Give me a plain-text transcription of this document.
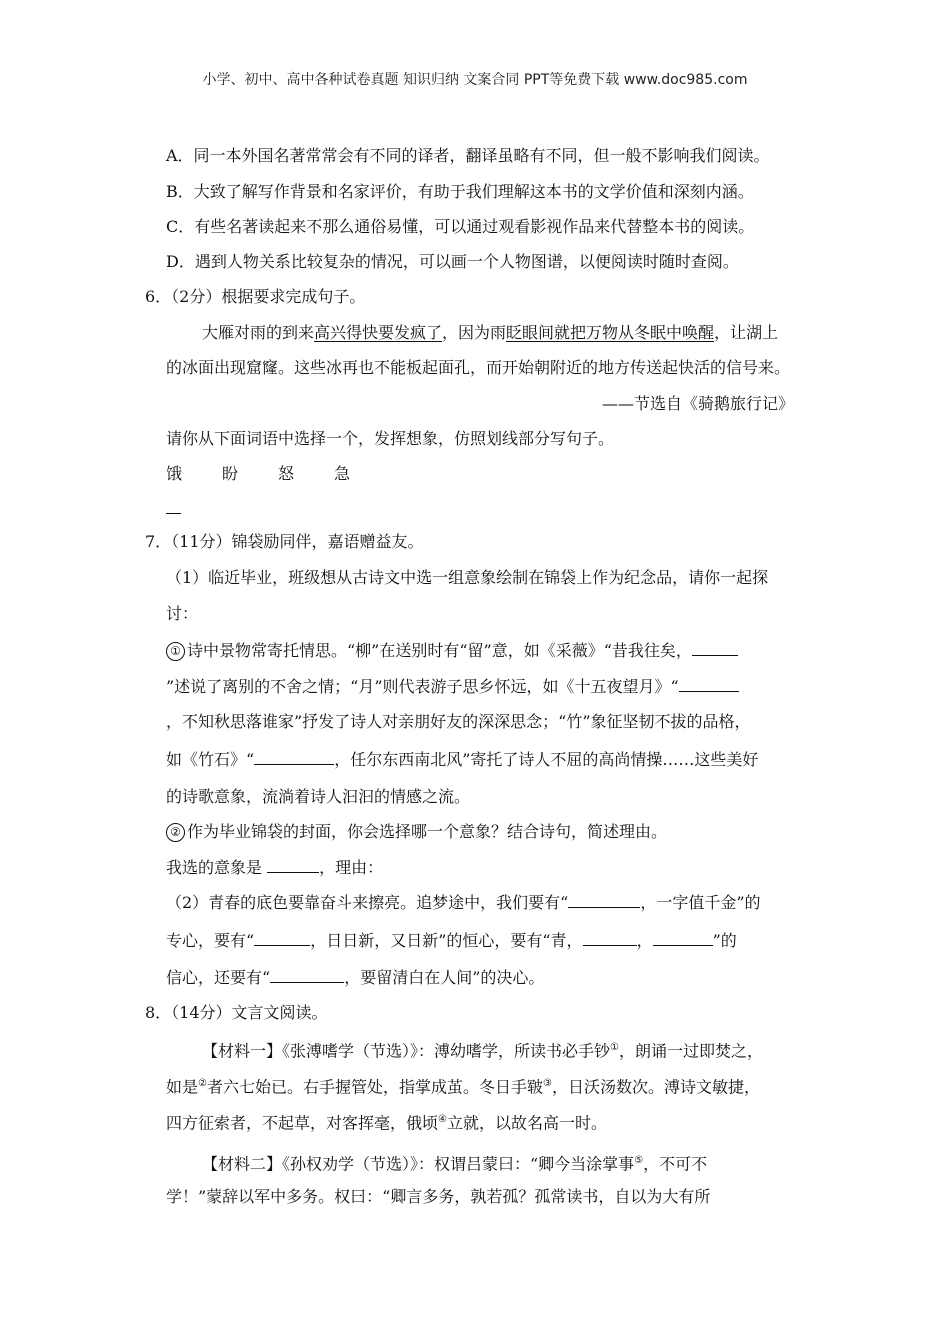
小学、初中、高中各种试卷真题 知识归纳 文案合同 PPT等免费下载 www.doc985.com
A．同一本外国名著常常会有不同的译者，翻译虽略有不同，但一般不影响我们阅读。
B．大致了解写作背景和名家评价，有助于我们理解这本书的文学价值和深刻内涵。
C．有些名著读起来不那么通俗易懂，可以通过观看影视作品来代替整本书的阅读。
D．遇到人物关系比较复杂的情况，可以画一个人物图谱，以便阅读时随时查阅。
6．（2分）根据要求完成句子。
大雁对雨的到来高兴得快要发疯了，因为雨眨眼间就把万物从冬眠中唤醒，让湖上
的冰面出现窟窿。这些冰再也不能板起面孔，而开始朝附近的地方传送起快活的信号来。
——节选自《骑鹅旅行记》
请你从下面词语中选择一个，发挥想象，仿照划线部分写句子。
饿	盼	怒	急
7．（11分）锦袋励同伴，嘉语赠益友。
（1）临近毕业，班级想从古诗文中选一组意象绘制在锦袋上作为纪念品，请你一起探
讨：
① 诗中景物常寄托情思。“柳”在送别时有“留”意，如《采薇》“昔我往矣，
”述说了离别的不舍之情；“月”则代表游子思乡怀远，如《十五夜望月》“
，不知秋思落谁家”抒发了诗人对亲朋好友的深深思念；“竹”象征坚韧不拔的品格，
如《竹石》“	，任尔东西南北风”寄托了诗人不屈的高尚情操……这些美好
的诗歌意象，流淌着诗人汩汩的情感之流。
② 作为毕业锦袋的封面，你会选择哪一个意象？结合诗句，简述理由。
我选的意象是	，理由：
（2）青春的底色要靠奋斗来擦亮。追梦途中，我们要有“	，一字值千金”的
专心，要有“	，日日新，又日新”的恒心，要有“青，	，	”的
信心，还要有“	，要留清白在人间”的决心。
8．（14分）文言文阅读。
【材料一】《张溥嗜学（节选）》：溥幼嗜学，所读书必手钞①，朗诵一过即焚之，
如是②者六七始已。右手握管处，指掌成茧。冬日手皲③，日沃汤数次。溥诗文敏捷，
四方征索者，不起草，对客挥毫，俄顷④立就，以故名高一时。
【材料二】《孙权劝学（节选）》：权谓吕蒙曰：“卿今当涂掌事⑤，不可不
学！”蒙辞以军中多务。权曰：“卿言多务，孰若孤？孤常读书，自以为大有所
